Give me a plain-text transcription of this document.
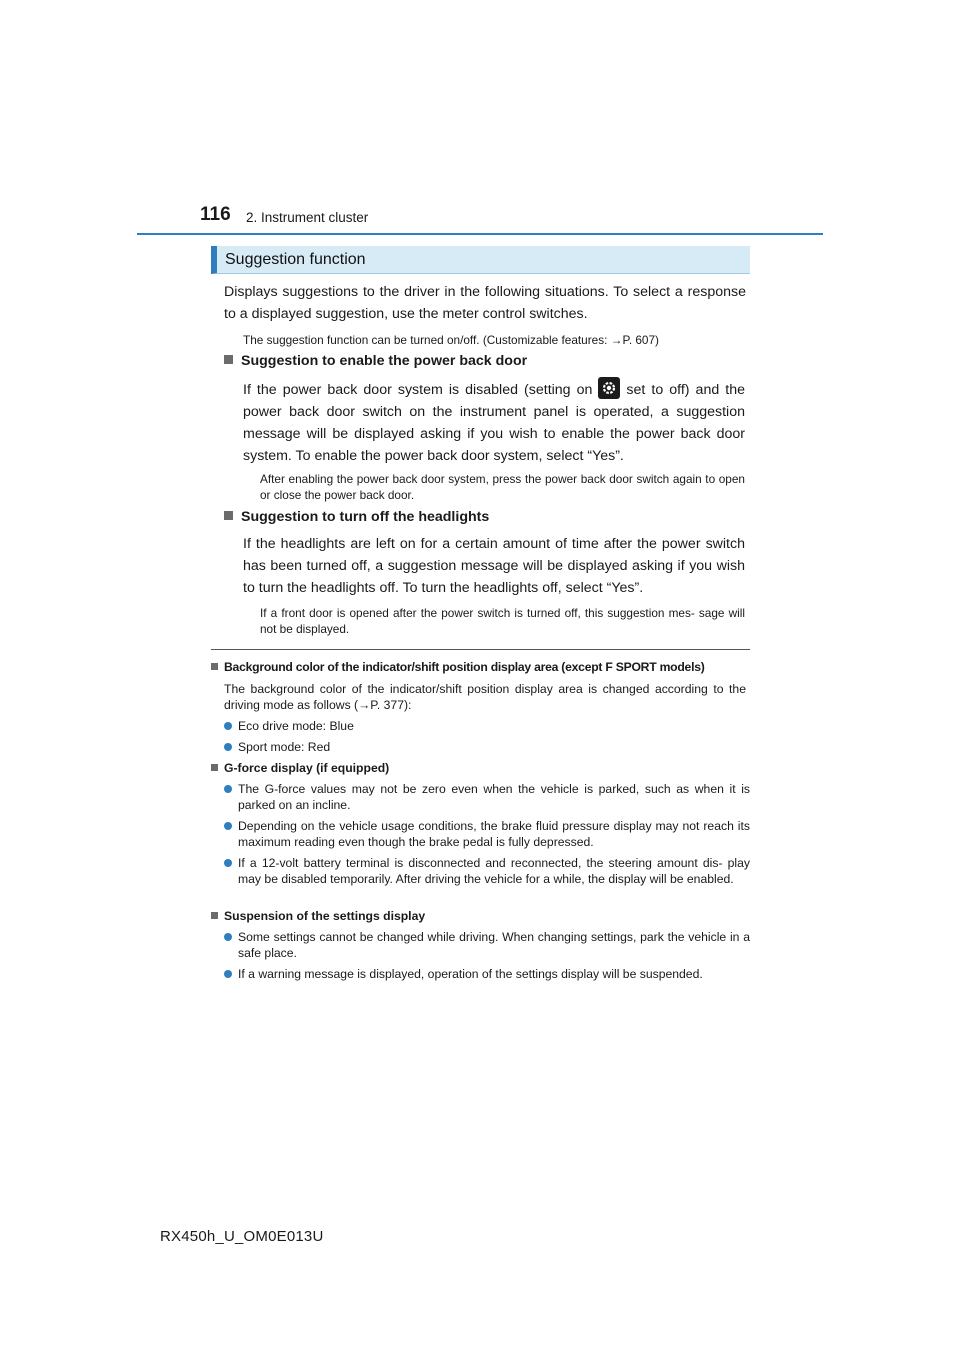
116 2. Instrument cluster
Suggestion function
Displays suggestions to the driver in the following situations. To select a response to a displayed suggestion, use the meter control switches.
The suggestion function can be turned on/off. (Customizable features: →P. 607)
Suggestion to enable the power back door
If the power back door system is disabled (setting on set to off) and the power back door switch on the instrument panel is operated, a suggestion message will be displayed asking if you wish to enable the power back door system. To enable the power back door system, select “Yes”.
After enabling the power back door system, press the power back door switch again to open or close the power back door.
Suggestion to turn off the headlights
If the headlights are left on for a certain amount of time after the power switch has been turned off, a suggestion message will be displayed asking if you wish to turn the headlights off. To turn the headlights off, select “Yes”.
If a front door is opened after the power switch is turned off, this suggestion mes- sage will not be displayed.
Background color of the indicator/shift position display area (except F SPORT models)
The background color of the indicator/shift position display area is changed according to the driving mode as follows (→P. 377):
Eco drive mode: Blue
Sport mode: Red
G-force display (if equipped)
The G-force values may not be zero even when the vehicle is parked, such as when it is parked on an incline.
Depending on the vehicle usage conditions, the brake fluid pressure display may not reach its maximum reading even though the brake pedal is fully depressed.
If a 12-volt battery terminal is disconnected and reconnected, the steering amount dis- play may be disabled temporarily. After driving the vehicle for a while, the display will be enabled.
Suspension of the settings display
Some settings cannot be changed while driving. When changing settings, park the vehicle in a safe place.
If a warning message is displayed, operation of the settings display will be suspended.
RX450h_U_OM0E013U
